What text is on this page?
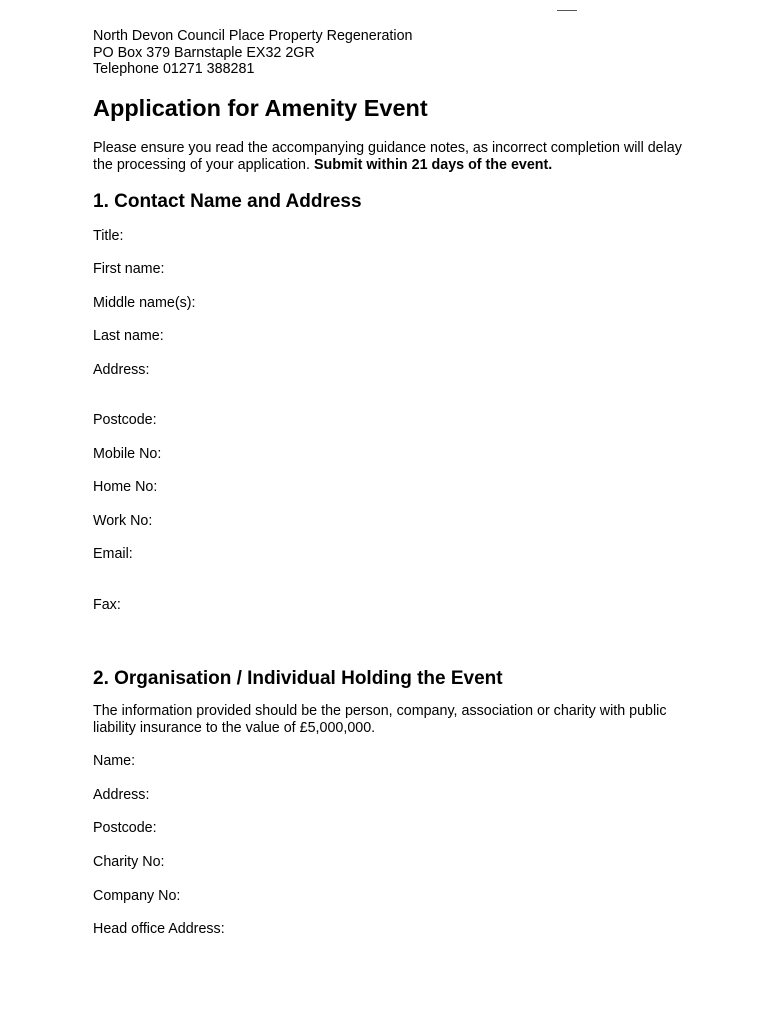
North Devon Council Place Property Regeneration
PO Box 379 Barnstaple EX32 2GR
Telephone 01271 388281
Application for Amenity Event

Please ensure you read the accompanying guidance notes, as incorrect completion will delay the processing of your application. Submit within 21 days of the event.

1. Contact Name and Address

Title:

First name:

Middle name(s):

Last name:

Address:

Postcode:

Mobile No:

Home No:

Work No:

Email:

Fax:

2. Organisation / Individual Holding the Event

The information provided should be the person, company, association or charity with public liability insurance to the value of £5,000,000.

Name:

Address:

Postcode:

Charity No:

Company No:

Head office Address:
